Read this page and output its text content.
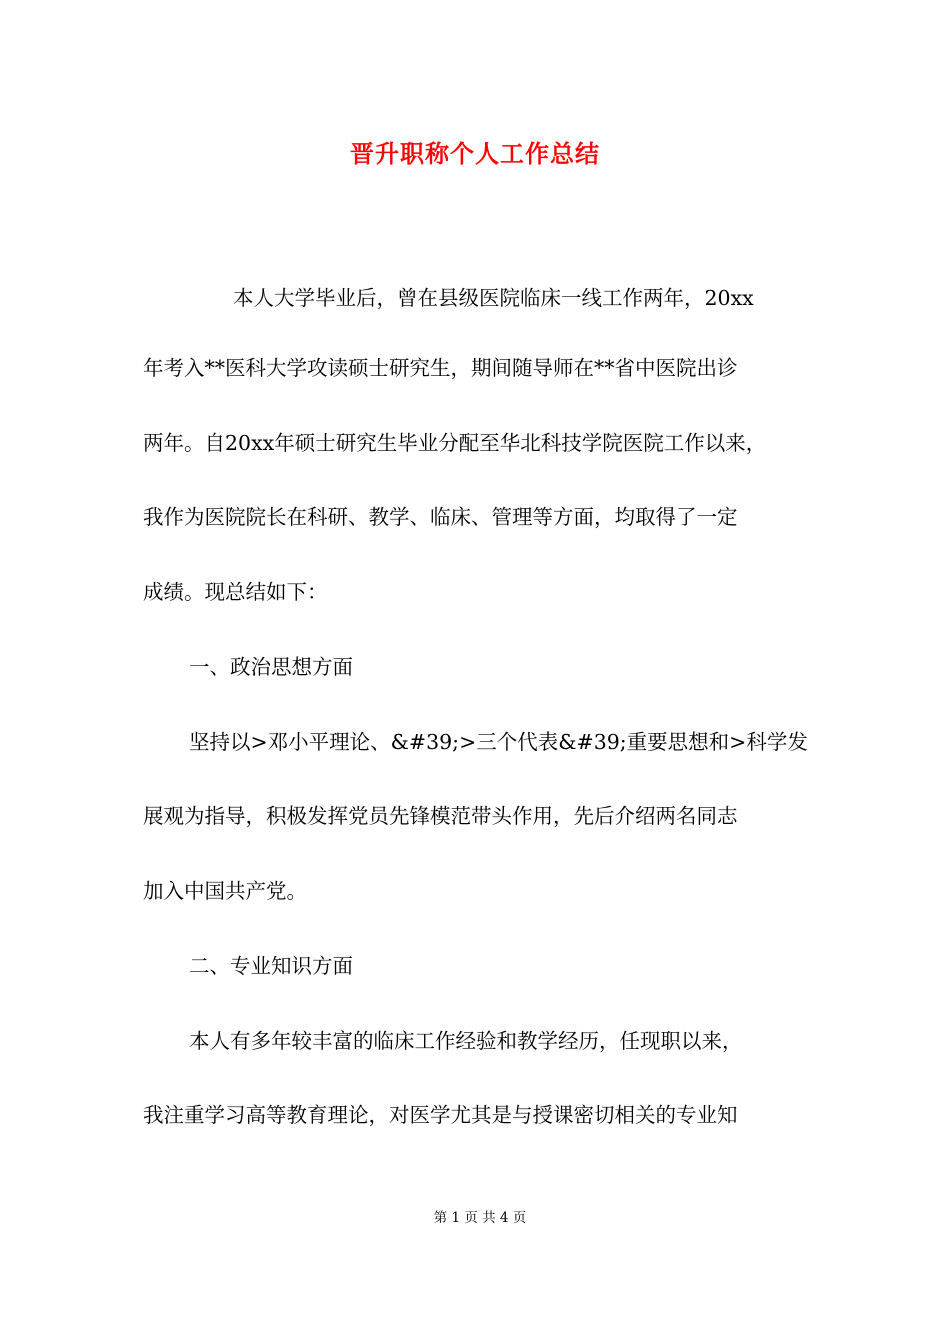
晋升职称个人工作总结
本人大学毕业后，曾在县级医院临床一线工作两年，20xx
年考入**医科大学攻读硕士研究生，期间随导师在**省中医院出诊
两年。自20xx年硕士研究生毕业分配至华北科技学院医院工作以来，
我作为医院院长在科研、教学、临床、管理等方面，均取得了一定
成绩。现总结如下：
一、政治思想方面
坚持以>邓小平理论、&#39;>三个代表&#39;重要思想和>科学发
展观为指导，积极发挥党员先锋模范带头作用，先后介绍两名同志
加入中国共产党。
二、专业知识方面
本人有多年较丰富的临床工作经验和教学经历，任现职以来，
我注重学习高等教育理论，对医学尤其是与授课密切相关的专业知
第 1 页 共 4 页
